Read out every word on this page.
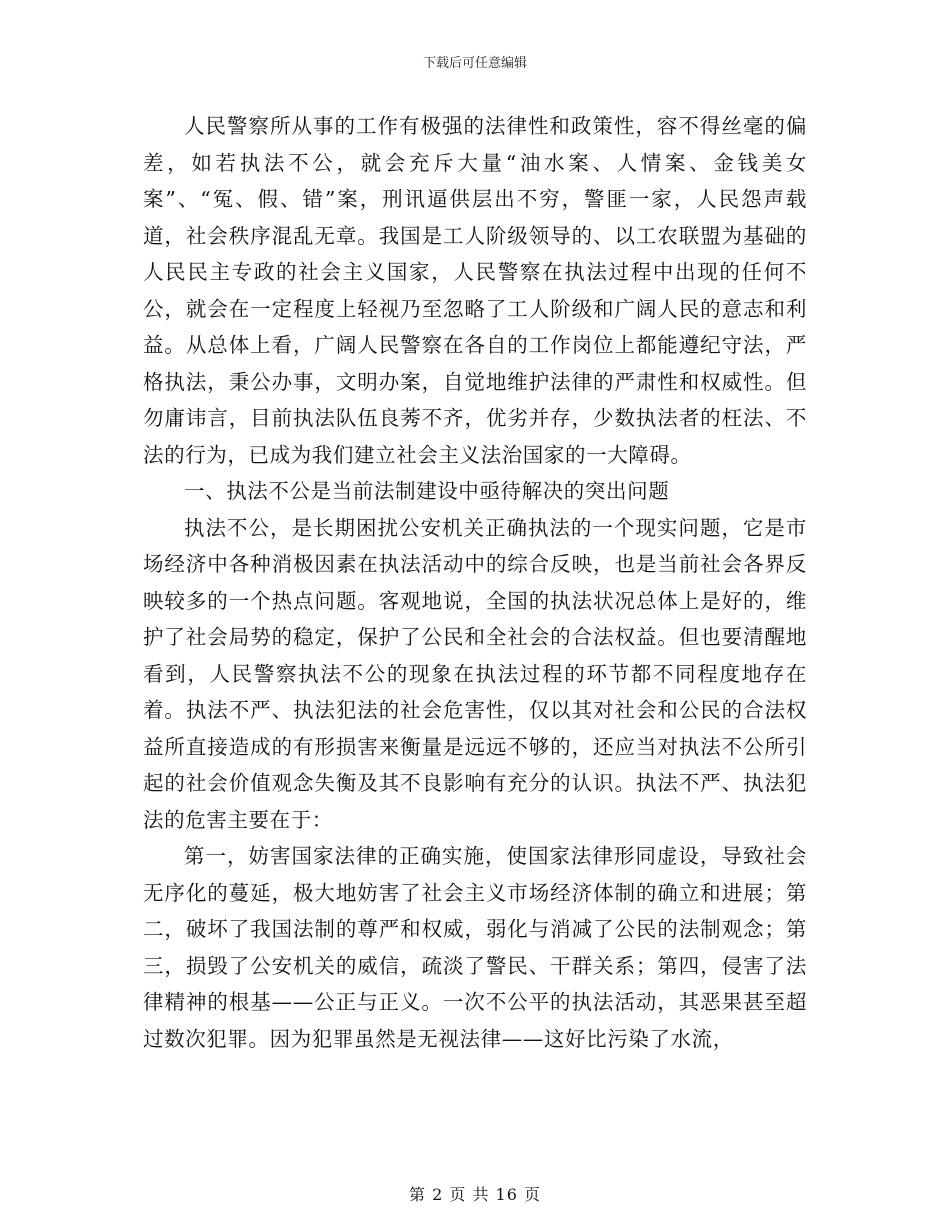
下载后可任意编辑

人民警察所从事的工作有极强的法律性和政策性，容不得丝毫的偏差，如若执法不公，就会充斥大量“油水案、人情案、金钱美女案”、“冤、假、错”案，刑讯逼供层出不穷，警匪一家，人民怨声载道，社会秩序混乱无章。我国是工人阶级领导的、以工农联盟为基础的人民民主专政的社会主义国家，人民警察在执法过程中出现的任何不公，就会在一定程度上轻视乃至忽略了工人阶级和广阔人民的意志和利益。从总体上看，广阔人民警察在各自的工作岗位上都能遵纪守法，严格执法，秉公办事，文明办案，自觉地维护法律的严肃性和权威性。但勿庸讳言，目前执法队伍良莠不齐，优劣并存，少数执法者的枉法、不法的行为，已成为我们建立社会主义法治国家的一大障碍。

一、执法不公是当前法制建设中亟待解决的突出问题

执法不公，是长期困扰公安机关正确执法的一个现实问题，它是市场经济中各种消极因素在执法活动中的综合反映，也是当前社会各界反映较多的一个热点问题。客观地说，全国的执法状况总体上是好的，维护了社会局势的稳定，保护了公民和全社会的合法权益。但也要清醒地看到，人民警察执法不公的现象在执法过程的环节都不同程度地存在着。执法不严、执法犯法的社会危害性，仅以其对社会和公民的合法权益所直接造成的有形损害来衡量是远远不够的，还应当对执法不公所引起的社会价值观念失衡及其不良影响有充分的认识。执法不严、执法犯法的危害主要在于：

第一，妨害国家法律的正确实施，使国家法律形同虚设，导致社会无序化的蔓延，极大地妨害了社会主义市场经济体制的确立和进展；第二，破坏了我国法制的尊严和权威，弱化与消减了公民的法制观念；第三，损毁了公安机关的威信，疏淡了警民、干群关系；第四，侵害了法律精神的根基——公正与正义。一次不公平的执法活动，其恶果甚至超过数次犯罪。因为犯罪虽然是无视法律——这好比污染了水流，

第 2 页 共 16 页
